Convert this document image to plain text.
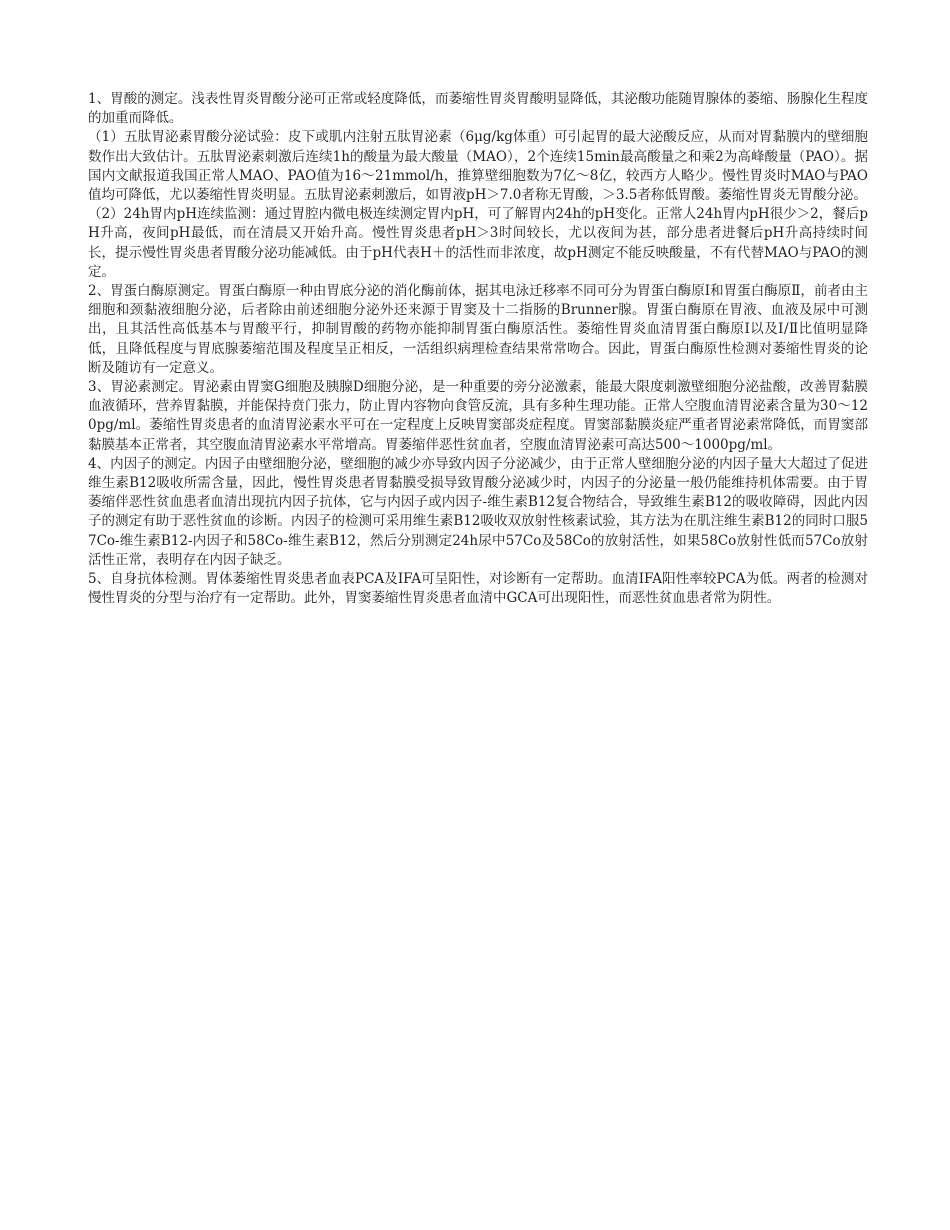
1、胃酸的测定。浅表性胃炎胃酸分泌可正常或轻度降低，而萎缩性胃炎胃酸明显降低，其泌酸功能随胃腺体的萎缩、肠腺化生程度的加重而降低。

（1）五肽胃泌素胃酸分泌试验：皮下或肌内注射五肽胃泌素（6μg/kg体重）可引起胃的最大泌酸反应，从而对胃黏膜内的壁细胞数作出大致估计。五肽胃泌素刺激后连续1h的酸量为最大酸量（MAO），2个连续15min最高酸量之和乘2为高峰酸量（PAO）。据国内文献报道我国正常人MAO、PAO值为16～21mmol/h，推算壁细胞数为7亿～8亿，较西方人略少。慢性胃炎时MAO与PAO值均可降低，尤以萎缩性胃炎明显。五肽胃泌素刺激后，如胃液pH＞7.0者称无胃酸，＞3.5者称低胃酸。萎缩性胃炎无胃酸分泌。

（2）24h胃内pH连续监测：通过胃腔内微电极连续测定胃内pH，可了解胃内24h的pH变化。正常人24h胃内pH很少＞2，餐后pH升高，夜间pH最低，而在清晨又开始升高。慢性胃炎患者pH＞3时间较长，尤以夜间为甚，部分患者进餐后pH升高持续时间长，提示慢性胃炎患者胃酸分泌功能减低。由于pH代表H＋的活性而非浓度，故pH测定不能反映酸量，不有代替MAO与PAO的测定。

2、胃蛋白酶原测定。胃蛋白酶原一种由胃底分泌的消化酶前体，据其电泳迁移率不同可分为胃蛋白酶原Ⅰ和胃蛋白酶原Ⅱ，前者由主细胞和颈黏液细胞分泌，后者除由前述细胞分泌外还来源于胃窦及十二指肠的Brunner腺。胃蛋白酶原在胃液、血液及尿中可测出，且其活性高低基本与胃酸平行，抑制胃酸的药物亦能抑制胃蛋白酶原活性。萎缩性胃炎血清胃蛋白酶原Ⅰ以及Ⅰ/Ⅱ比值明显降低，且降低程度与胃底腺萎缩范围及程度呈正相反，一活组织病理检查结果常常吻合。因此，胃蛋白酶原性检测对萎缩性胃炎的论断及随访有一定意义。

3、胃泌素测定。胃泌素由胃窦G细胞及胰腺D细胞分泌，是一种重要的旁分泌激素，能最大限度刺激壁细胞分泌盐酸，改善胃黏膜血液循环，营养胃黏膜，并能保持贲门张力，防止胃内容物向食管反流，具有多种生理功能。正常人空腹血清胃泌素含量为30～120pg/ml。萎缩性胃炎患者的血清胃泌素水平可在一定程度上反映胃窦部炎症程度。胃窦部黏膜炎症严重者胃泌素常降低，而胃窦部黏膜基本正常者，其空腹血清胃泌素水平常增高。胃萎缩伴恶性贫血者，空腹血清胃泌素可高达500～1000pg/ml。

4、内因子的测定。内因子由壁细胞分泌，壁细胞的减少亦导致内因子分泌减少，由于正常人壁细胞分泌的内因子量大大超过了促进维生素B12吸收所需含量，因此，慢性胃炎患者胃黏膜受损导致胃酸分泌减少时，内因子的分泌量一般仍能维持机体需要。由于胃萎缩伴恶性贫血患者血清出现抗内因子抗体，它与内因子或内因子-维生素B12复合物结合，导致维生素B12的吸收障碍，因此内因子的测定有助于恶性贫血的诊断。内因子的检测可采用维生素B12吸收双放射性核素试验，其方法为在肌注维生素B12的同时口服57Co-维生素B12-内因子和58Co-维生素B12，然后分别测定24h尿中57Co及58Co的放射活性，如果58Co放射性低而57Co放射活性正常，表明存在内因子缺乏。

5、自身抗体检测。胃体萎缩性胃炎患者血表PCA及IFA可呈阳性，对诊断有一定帮助。血清IFA阳性率较PCA为低。两者的检测对慢性胃炎的分型与治疗有一定帮助。此外，胃窦萎缩性胃炎患者血清中GCA可出现阳性，而恶性贫血患者常为阴性。
